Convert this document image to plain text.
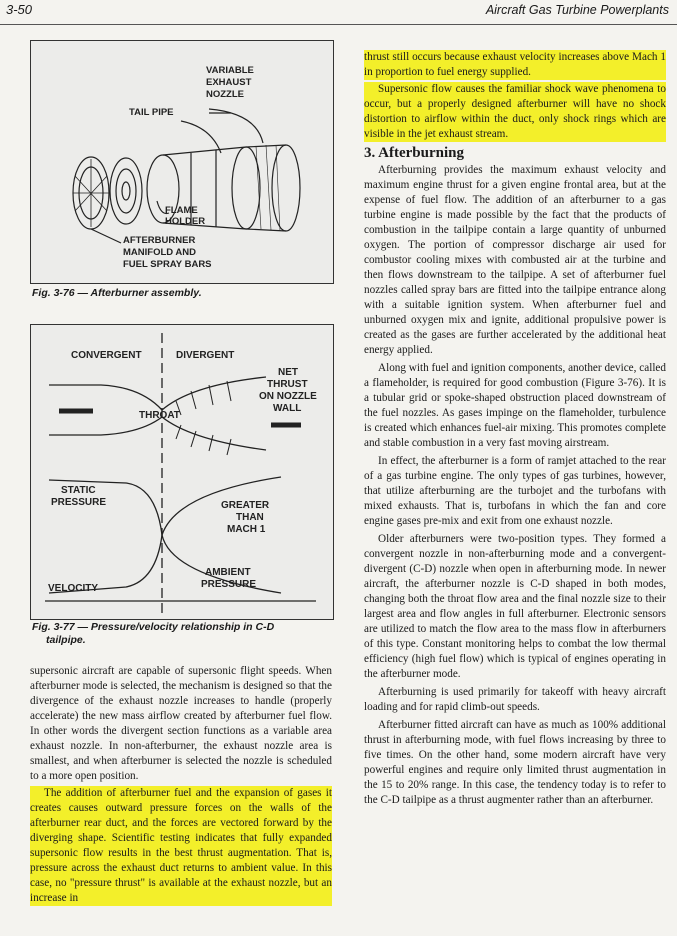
3-50	Aircraft Gas Turbine Powerplants
VARIABLE
EXHAUST
NOZZLE
TAIL PIPE
FLAME
HOLDER
AFTERBURNER
MANIFOLD AND
FUEL SPRAY BARS
Fig. 3-76 — Afterburner assembly.
CONVERGENT	DIVERGENT
NET
THRUST
ON NOZZLE
WALL
THROAT
STATIC
PRESSURE	GREATER
THAN
MACH 1
AMBIENT
PRESSURE
VELOCITY
Fig. 3-77 — Pressure/velocity relationship in C-D
tailpipe.

supersonic aircraft are capable of supersonic flight speeds. When afterburner mode is selected, the mechanism is designed so that the divergence of the exhaust nozzle increases to handle (properly accelerate) the new mass airflow created by afterburner fuel flow. In other words the divergent section functions as a variable area exhaust nozzle. In non-afterburner, the exhaust nozzle area is smallest, and when afterburner is selected the nozzle is scheduled to a more open position.

The addition of afterburner fuel and the expansion of gases it creates causes outward pressure forces on the walls of the afterburner rear duct, and the forces are vectored forward by the diverging shape. Scientific testing indicates that fully expanded supersonic flow results in the best thrust augmentation. That is, pressure across the exhaust duct returns to ambient value. In this case, no "pressure thrust" is available at the exhaust nozzle, but an increase in

thrust still occurs because exhaust velocity increases above Mach 1 in proportion to fuel energy supplied.

Supersonic flow causes the familiar shock wave phenomena to occur, but a properly designed afterburner will have no shock distortion to airflow within the duct, only shock rings which are visible in the jet exhaust stream.

3. Afterburning

Afterburning provides the maximum exhaust velocity and maximum engine thrust for a given engine frontal area, but at the expense of fuel flow. The addition of an afterburner to a gas turbine engine is made possible by the fact that the products of combustion in the tailpipe contain a large quantity of unburned oxygen. The portion of compressor discharge air used for combustor cooling mixes with combusted air at the turbine and then flows downstream to the tailpipe. A set of afterburner fuel nozzles called spray bars are fitted into the tailpipe entrance along with a suitable ignition system. When afterburner fuel and unburned oxygen mix and ignite, additional propulsive power is created as the gases are further accelerated by the additional heat energy applied.

Along with fuel and ignition components, another device, called a flameholder, is required for good combustion (Figure 3-76). It is a tubular grid or spoke-shaped obstruction placed downstream of the fuel nozzles. As gases impinge on the flameholder, turbulence is created which enhances fuel-air mixing. This promotes complete and stable combustion in a very fast moving airstream.

In effect, the afterburner is a form of ramjet attached to the rear of a gas turbine engine. The only types of gas turbines, however, that utilize afterburning are the turbojet and the turbofans with mixed exhausts. That is, turbofans in which the fan and core engine gases pre-mix and exit from one exhaust nozzle.

Older afterburners were two-position types. They formed a convergent nozzle in non-afterburning mode and a convergent-divergent (C-D) nozzle when open in afterburning mode. In newer aircraft, the afterburner nozzle is C-D shaped in both modes, changing both the throat flow area and the final nozzle size to their largest area and flow angles in full afterburner. Electronic sensors are utilized to match the flow area to the mass flow in afterburners of this type. Constant monitoring helps to combat the low thermal efficiency (high fuel flow) which is typical of engines operating in the afterburner mode.

Afterburning is used primarily for takeoff with heavy aircraft loading and for rapid climb-out speeds.

Afterburner fitted aircraft can have as much as 100% additional thrust in afterburning mode, with fuel flows increasing by three to five times. On the other hand, some modern aircraft have very powerful engines and require only limited thrust augmentation in the 15 to 20% range. In this case, the tendency today is to refer to the C-D tailpipe as a thrust augmenter rather than an afterburner.
